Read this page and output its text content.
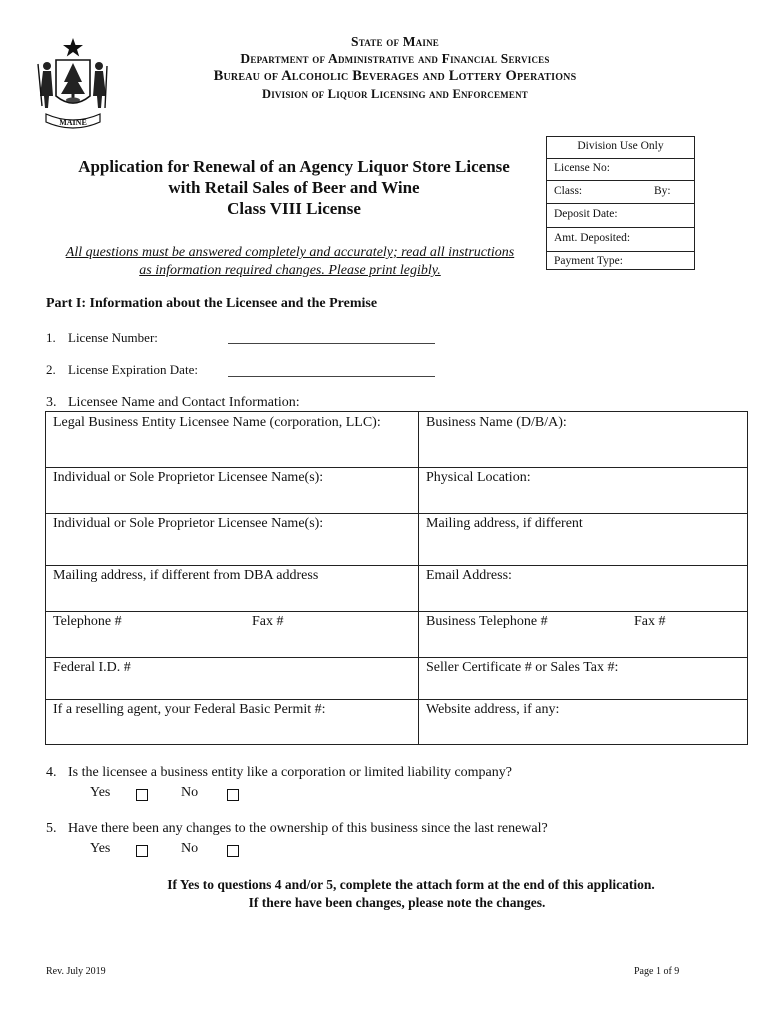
MAINE
State of Maine
Department of Administrative and Financial Services
Bureau of Alcoholic Beverages and Lottery Operations
Division of Liquor Licensing and Enforcement
Application for Renewal of an Agency Liquor Store License
with Retail Sales of Beer and Wine
Class VIII License
All questions must be answered completely and accurately; read all instructions
as information required changes. Please print legibly.
Division Use Only
License No:
Class:	By:
Deposit Date:
Amt. Deposited:
Payment Type:
Part I: Information about the Licensee and the Premise
1. License Number:
2. License Expiration Date:
3. Licensee Name and Contact Information:
Legal Business Entity Licensee Name (corporation, LLC):	Business Name (D/B/A):
Individual or Sole Proprietor Licensee Name(s):	Physical Location:
Individual or Sole Proprietor Licensee Name(s):	Mailing address, if different
Mailing address, if different from DBA address	Email Address:
Telephone #	Fax #	Business Telephone #	Fax #
Federal I.D. #	Seller Certificate # or Sales Tax #:
If a reselling agent, your Federal Basic Permit #:	Website address, if any:
4. Is the licensee a business entity like a corporation or limited liability company?
Yes	No
5. Have there been any changes to the ownership of this business since the last renewal?
Yes	No
If Yes to questions 4 and/or 5, complete the attach form at the end of this application.
If there have been changes, please note the changes.
Rev. July 2019	Page 1 of 9
